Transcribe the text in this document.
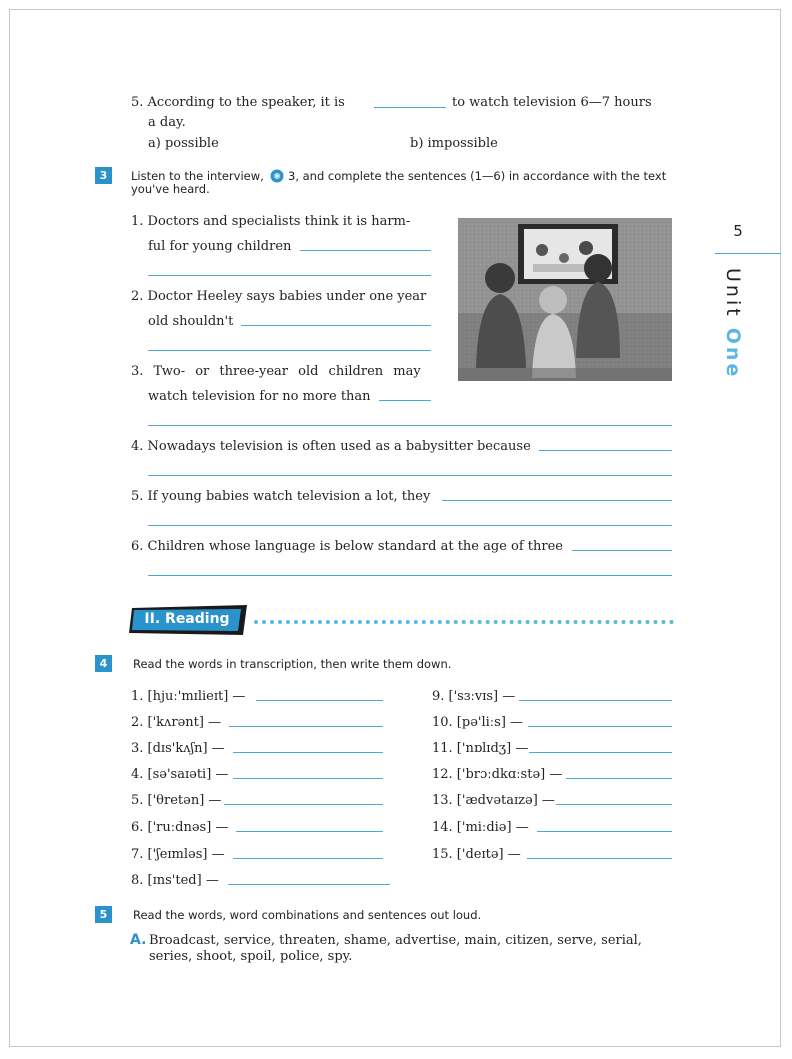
5
Unit One
5. According to the speaker, it is	to watch television 6—7 hours
a day.
a) possible	b) impossible
3	Listen to the interview, 3, and complete the sentences (1—6) in accordance with the text
you've heard.
1. Doctors and specialists think it is harm-
ful for young children
2. Doctor Heeley says babies under one year
old shouldn't
3. Two- or three-year old children may
watch television for no more than
4. Nowadays television is often used as a babysitter because
5. If young babies watch television a lot, they
6. Children whose language is below standard at the age of three
II. Reading
4	Read the words in transcription, then write them down.
1. [hjuː'mɪlieɪt] —
2. ['kʌrənt] —
3. [dɪs'kʌʃn] —
4. [sə'saɪəti] —
5. ['θretən] —
6. ['ruːdnəs] —
7. ['ʃeɪmləs] —
8. [ɪns'ted] —
9. ['sɜːvɪs] —
10. [pə'liːs] —
11. ['nɒlɪdʒ] —
12. ['brɔːdkɑːstə] —
13. ['ædvətaɪzə] —
14. ['miːdiə] —
15. ['deɪtə] —
5	Read the words, word combinations and sentences out loud.
A. Broadcast, service, threaten, shame, advertise, main, citizen, serve, serial,
series, shoot, spoil, police, spy.
